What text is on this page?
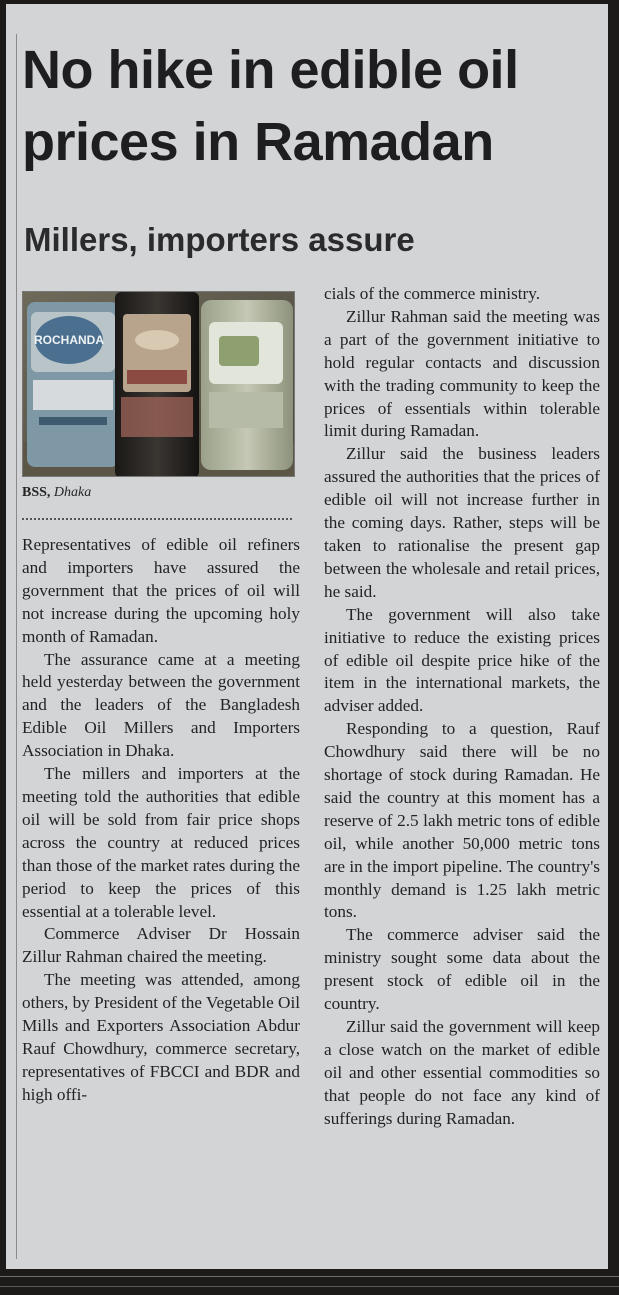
No hike in edible oil prices in Ramadan
Millers, importers assure
ROCHANDA
BSS, Dhaka

Representatives of edible oil refiners and importers have assured the government that the prices of oil will not increase during the upcoming holy month of Ramadan.

The assurance came at a meeting held yesterday between the government and the leaders of the Bangladesh Edible Oil Millers and Importers Association in Dhaka.

The millers and importers at the meeting told the authorities that edible oil will be sold from fair price shops across the country at reduced prices than those of the market rates during the period to keep the prices of this essential at a tolerable level.

Commerce Adviser Dr Hossain Zillur Rahman chaired the meeting.

The meeting was attended, among others, by President of the Vegetable Oil Mills and Exporters Association Abdur Rauf Chowdhury, commerce secretary, representatives of FBCCI and BDR and high offi-

cials of the commerce ministry.

Zillur Rahman said the meeting was a part of the government initiative to hold regular contacts and discussion with the trading community to keep the prices of essentials within tolerable limit during Ramadan.

Zillur said the business leaders assured the authorities that the prices of edible oil will not increase further in the coming days. Rather, steps will be taken to rationalise the present gap between the wholesale and retail prices, he said.

The government will also take initiative to reduce the existing prices of edible oil despite price hike of the item in the international markets, the adviser added.

Responding to a question, Rauf Chowdhury said there will be no shortage of stock during Ramadan. He said the country at this moment has a reserve of 2.5 lakh metric tons of edible oil, while another 50,000 metric tons are in the import pipeline. The country's monthly demand is 1.25 lakh metric tons.

The commerce adviser said the ministry sought some data about the present stock of edible oil in the country.

Zillur said the government will keep a close watch on the market of edible oil and other essential commodities so that people do not face any kind of sufferings during Ramadan.
